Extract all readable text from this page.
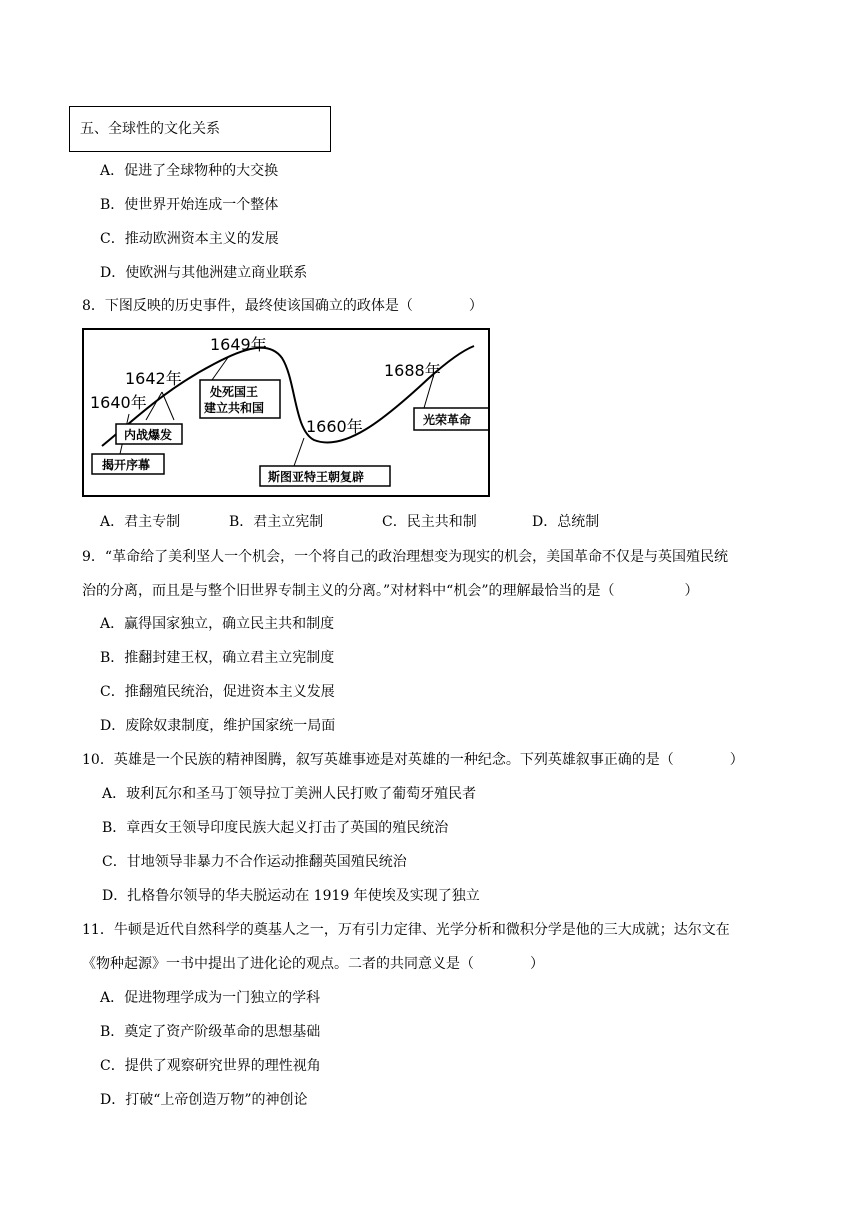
五、全球性的文化关系
A．促进了全球物种的大交换
B．使世界开始连成一个整体
C．推动欧洲资本主义的发展
D．使欧洲与其他洲建立商业联系
8．下图反映的历史事件，最终使该国确立的政体是（　　　　）
1640年
1642年
1649年
1660年
1688年
内战爆发
揭开序幕
处死国王
建立共和国
斯图亚特王朝复辟
光荣革命
A．君主专制	B．君主立宪制	C．民主共和制	D．总统制
9．“革命给了美利坚人一个机会，一个将自己的政治理想变为现实的机会，美国革命不仅是与英国殖民统
治的分离，而且是与整个旧世界专制主义的分离。”对材料中“机会”的理解最恰当的是（　　　　　）
A．赢得国家独立，确立民主共和制度
B．推翻封建王权，确立君主立宪制度
C．推翻殖民统治，促进资本主义发展
D．废除奴隶制度，维护国家统一局面
10．英雄是一个民族的精神图腾，叙写英雄事迹是对英雄的一种纪念。下列英雄叙事正确的是（　　　　）
A．玻利瓦尔和圣马丁领导拉丁美洲人民打败了葡萄牙殖民者
B．章西女王领导印度民族大起义打击了英国的殖民统治
C．甘地领导非暴力不合作运动推翻英国殖民统治
D．扎格鲁尔领导的华夫脱运动在 1919 年使埃及实现了独立
11．牛顿是近代自然科学的奠基人之一，万有引力定律、光学分析和微积分学是他的三大成就；达尔文在
《物种起源》一书中提出了进化论的观点。二者的共同意义是（　　　　）
A．促进物理学成为一门独立的学科
B．奠定了资产阶级革命的思想基础
C．提供了观察研究世界的理性视角
D．打破“上帝创造万物”的神创论
